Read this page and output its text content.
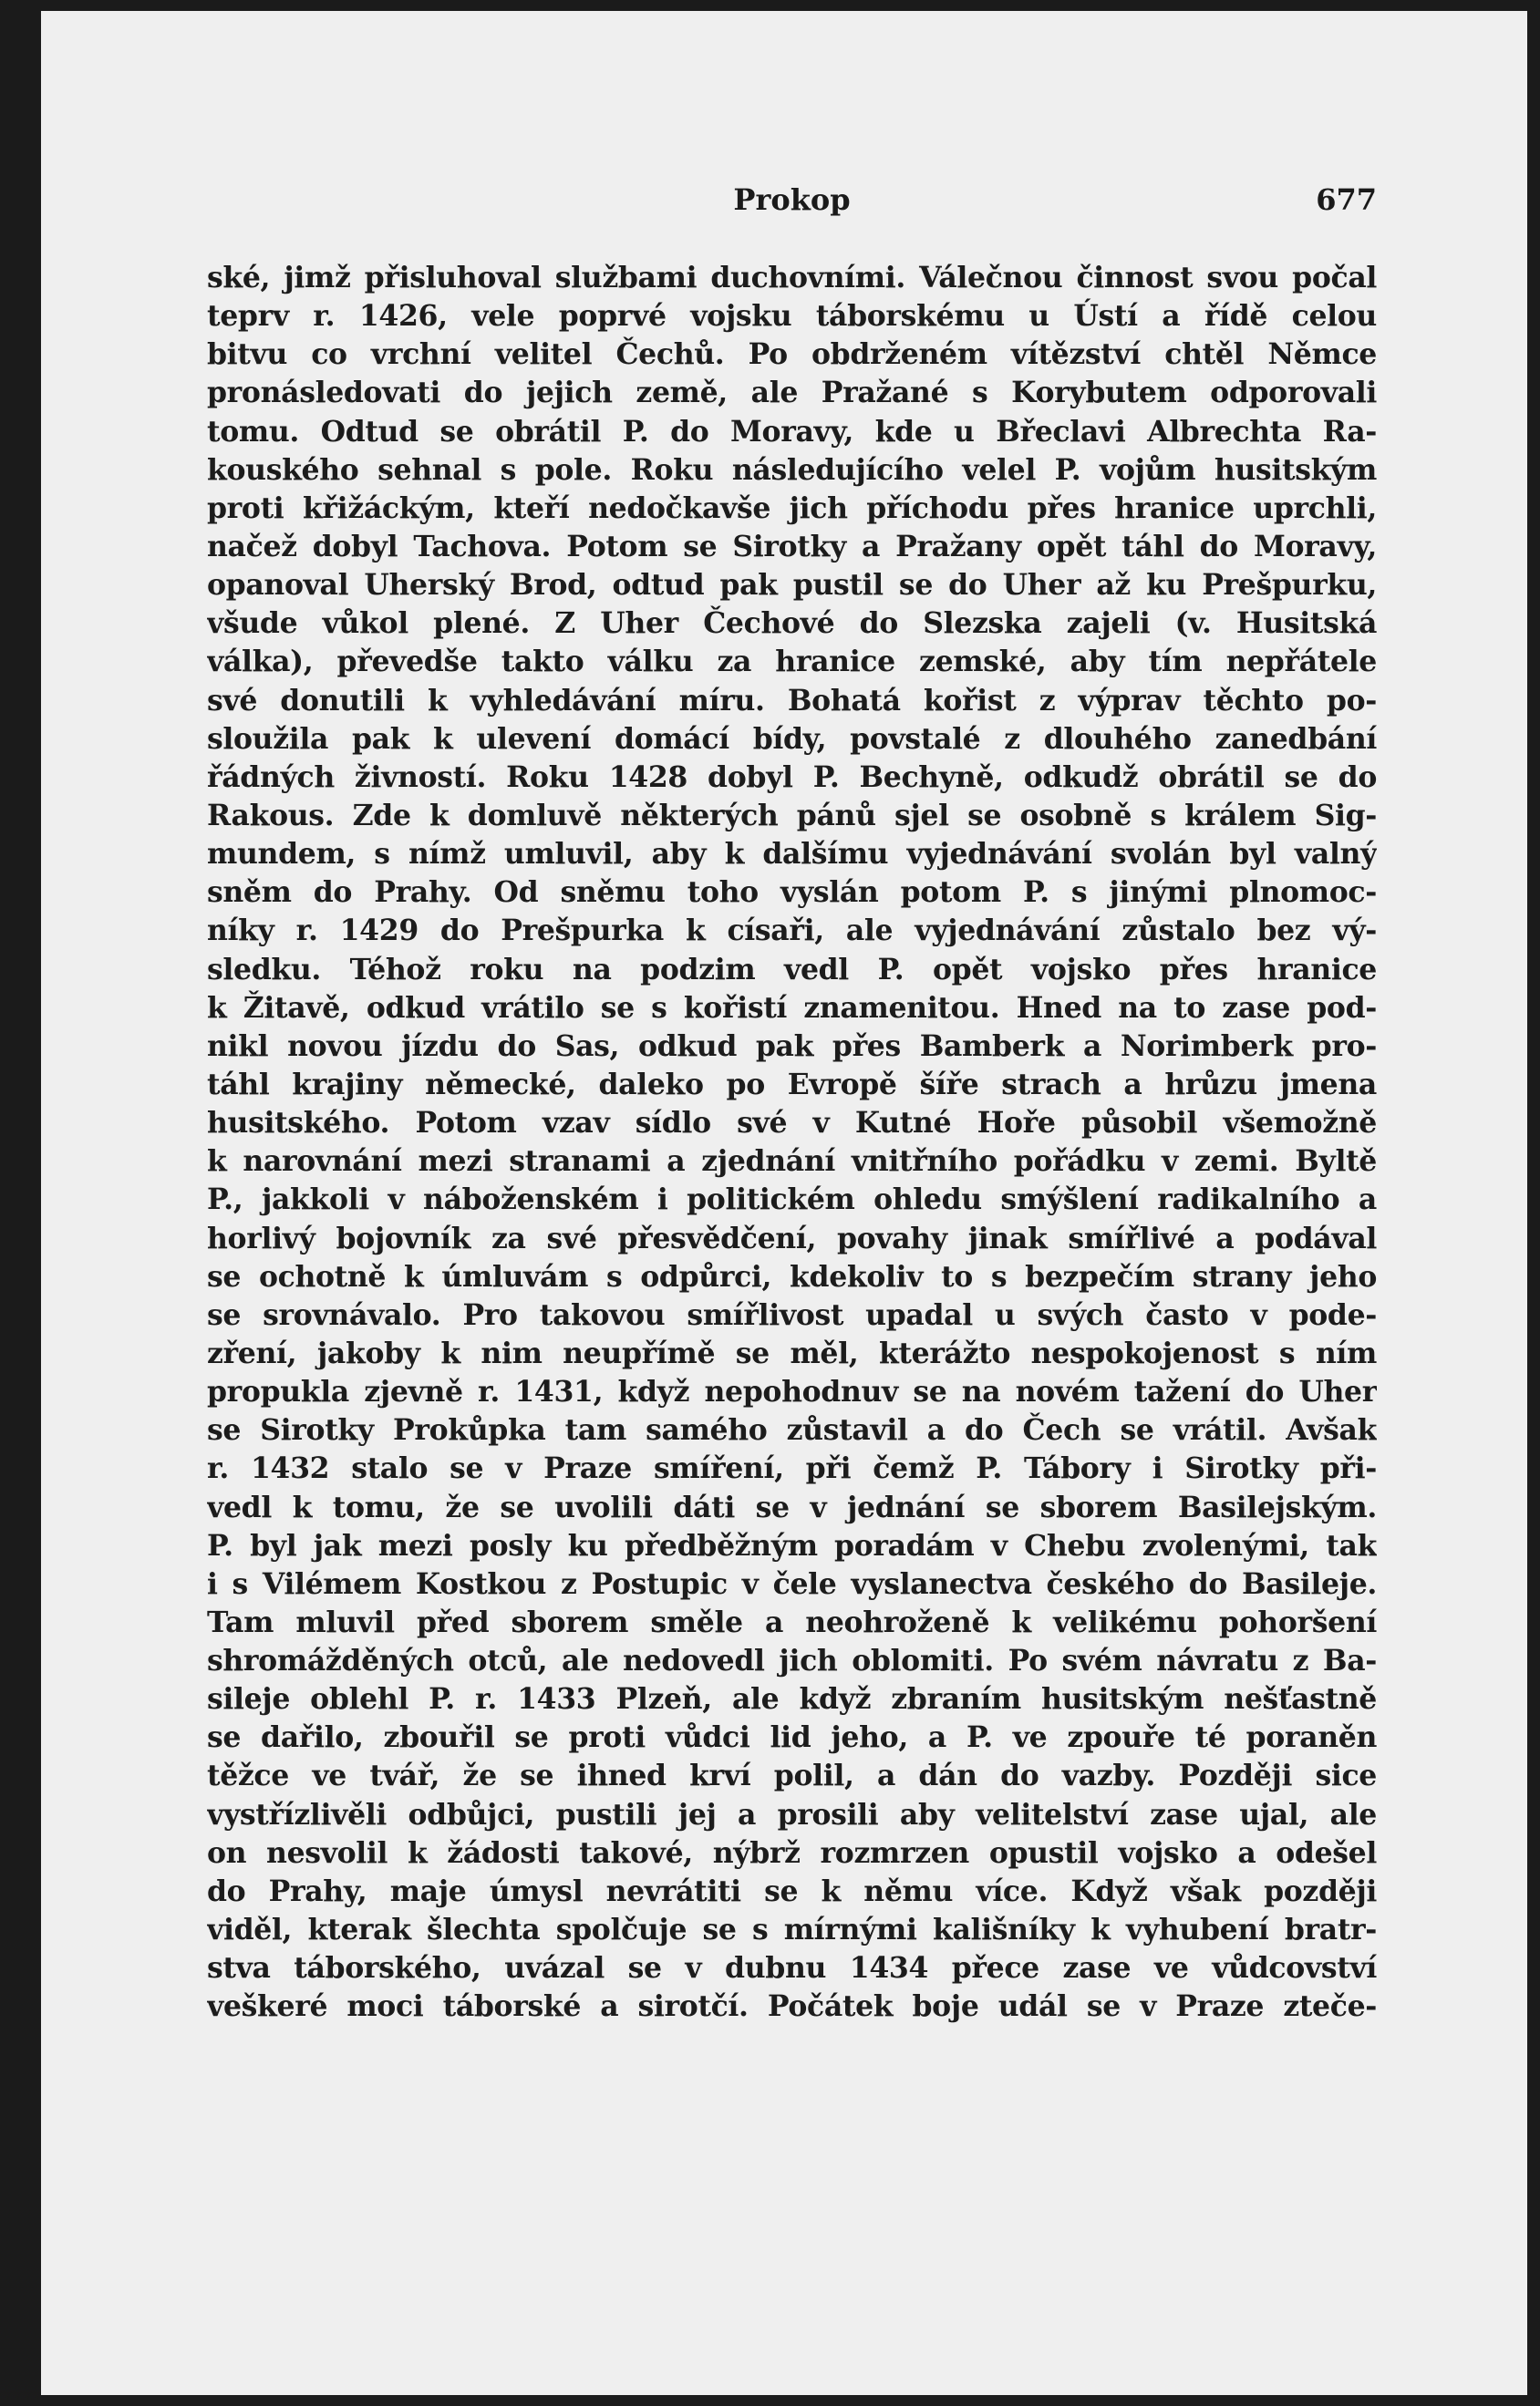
Prokop	677
ské, jimž přisluhoval službami duchovními. Válečnou činnost svou počal
teprv r. 1426, vele poprvé vojsku táborskému u Ústí a řídě celou
bitvu co vrchní velitel Čechů. Po obdrženém vítězství chtěl Němce
pronásledovati do jejich země, ale Pražané s Korybutem odporovali
tomu. Odtud se obrátil P. do Moravy, kde u Břeclavi Albrechta Ra-
kouského sehnal s pole. Roku následujícího velel P. vojům husitským
proti křižáckým, kteří nedočkavše jich příchodu přes hranice uprchli,
načež dobyl Tachova. Potom se Sirotky a Pražany opět táhl do Moravy,
opanoval Uherský Brod, odtud pak pustil se do Uher až ku Prešpurku,
všude vůkol plené. Z Uher Čechové do Slezska zajeli (v. Husitská
válka), převedše takto válku za hranice zemské, aby tím nepřátele
své donutili k vyhledávání míru. Bohatá kořist z výprav těchto po-
sloužila pak k ulevení domácí bídy, povstalé z dlouhého zanedbání
řádných živností. Roku 1428 dobyl P. Bechyně, odkudž obrátil se do
Rakous. Zde k domluvě některých pánů sjel se osobně s králem Sig-
mundem, s nímž umluvil, aby k dalšímu vyjednávání svolán byl valný
sněm do Prahy. Od sněmu toho vyslán potom P. s jinými plnomoc-
níky r. 1429 do Prešpurka k císaři, ale vyjednávání zůstalo bez vý-
sledku. Téhož roku na podzim vedl P. opět vojsko přes hranice
k Žitavě, odkud vrátilo se s kořistí znamenitou. Hned na to zase pod-
nikl novou jízdu do Sas, odkud pak přes Bamberk a Norimberk pro-
táhl krajiny německé, daleko po Evropě šíře strach a hrůzu jmena
husitského. Potom vzav sídlo své v Kutné Hoře působil všemožně
k narovnání mezi stranami a zjednání vnitřního pořádku v zemi. Byltě
P., jakkoli v náboženském i politickém ohledu smýšlení radikalního a
horlivý bojovník za své přesvědčení, povahy jinak smířlivé a podával
se ochotně k úmluvám s odpůrci, kdekoliv to s bezpečím strany jeho
se srovnávalo. Pro takovou smířlivost upadal u svých často v pode-
zření, jakoby k nim neupřímě se měl, kterážto nespokojenost s ním
propukla zjevně r. 1431, když nepohodnuv se na novém tažení do Uher
se Sirotky Prokůpka tam samého zůstavil a do Čech se vrátil. Avšak
r. 1432 stalo se v Praze smíření, při čemž P. Tábory i Sirotky při-
vedl k tomu, že se uvolili dáti se v jednání se sborem Basilejským.
P. byl jak mezi posly ku předběžným poradám v Chebu zvolenými, tak
i s Vilémem Kostkou z Postupic v čele vyslanectva českého do Basileje.
Tam mluvil před sborem směle a neohroženě k velikému pohoršení
shromážděných otců, ale nedovedl jich oblomiti. Po svém návratu z Ba-
sileje oblehl P. r. 1433 Plzeň, ale když zbraním husitským nešťastně
se dařilo, zbouřil se proti vůdci lid jeho, a P. ve zpouře té poraněn
těžce ve tvář, že se ihned krví polil, a dán do vazby. Později sice
vystřízlivěli odbůjci, pustili jej a prosili aby velitelství zase ujal, ale
on nesvolil k žádosti takové, nýbrž rozmrzen opustil vojsko a odešel
do Prahy, maje úmysl nevrátiti se k němu více. Když však později
viděl, kterak šlechta spolčuje se s mírnými kališníky k vyhubení bratr-
stva táborského, uvázal se v dubnu 1434 přece zase ve vůdcovství
veškeré moci táborské a sirotčí. Počátek boje udál se v Praze zteče-
